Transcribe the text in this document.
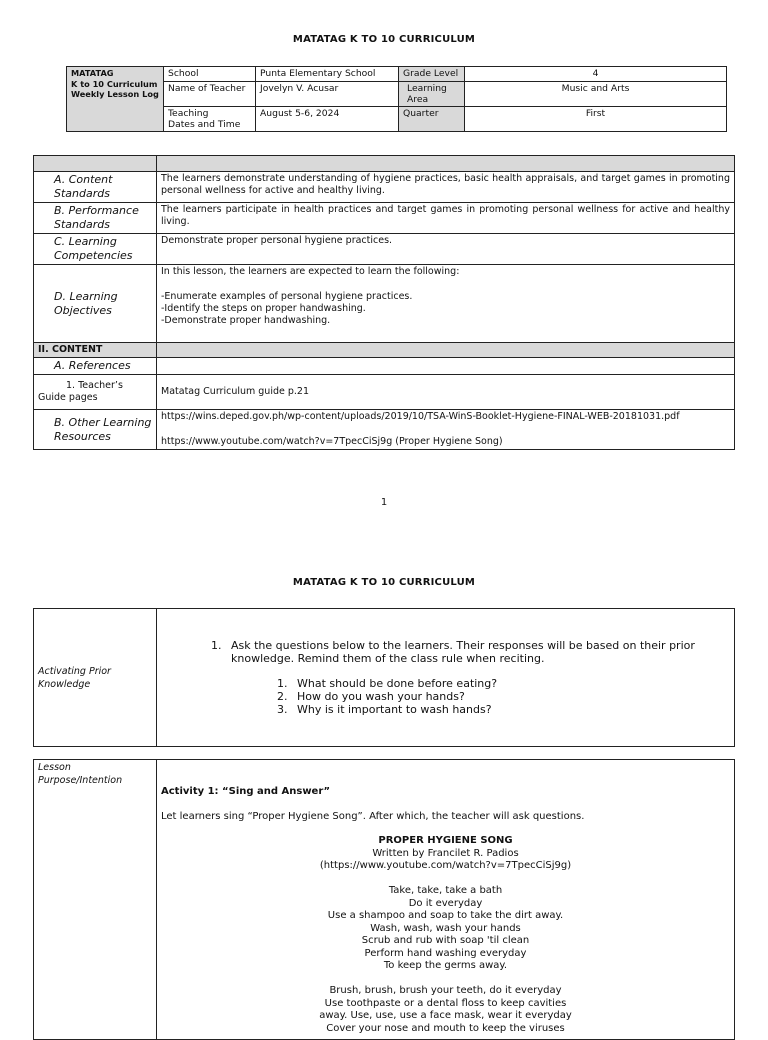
MATATAG K TO 10 CURRICULUM
MATATAG
K to 10 Curriculum
Weekly Lesson Log	School	Punta Elementary School	Grade Level	4
	Name of Teacher	Jovelyn V. Acusar	Learning Area	Music and Arts
	Teaching      Dates and Time	August 5-6, 2024	Quarter	First

A. Content Standards	The learners demonstrate understanding of hygiene practices, basic health appraisals, and target games in promoting personal wellness for active and healthy living.
B. Performance Standards	The learners participate in health practices and target games in promoting personal wellness for active and healthy living.
C. Learning Competencies	Demonstrate proper personal hygiene practices.
D. Learning Objectives	In this lesson, the learners are expected to learn the following:
-Enumerate examples of personal hygiene practices.
-Identify the steps on proper handwashing.
-Demonstrate proper handwashing.

II. CONTENT	
A. References	
1. Teacher’s Guide pages	Matatag Curriculum guide p.21
B. Other Learning Resources	https://wins.deped.gov.ph/wp-content/uploads/2019/10/TSA-WinS-Booklet-Hygiene-FINAL-WEB-20181031.pdf
https://www.youtube.com/watch?v=7TpecCiSj9g (Proper Hygiene Song)
1
MATATAG K TO 10 CURRICULUM
Activating Prior Knowledge	
1. Ask the questions below to the learners. Their responses will be based on their prior knowledge. Remind them of the class rule when reciting.
1. What should be done before eating?
2. How do you wash your hands?
3. Why is it important to wash hands?
Lesson Purpose/Intention	
Activity 1: “Sing and Answer”
Let learners sing “Proper Hygiene Song”. After which, the teacher will ask questions.

PROPER HYGIENE SONG

Written by Francilet R. Padios

(https://www.youtube.com/watch?v=7TpecCiSj9g)

Take, take, take a bath

Do it everyday

Use a shampoo and soap to take the dirt away.

Wash, wash, wash your hands

Scrub and rub with soap 'til clean

Perform hand washing everyday

To keep the germs away.

Brush, brush, brush your teeth, do it everyday

Use toothpaste or a dental floss to keep cavities

away. Use, use, use a face mask, wear it everyday

Cover your nose and mouth to keep the viruses
